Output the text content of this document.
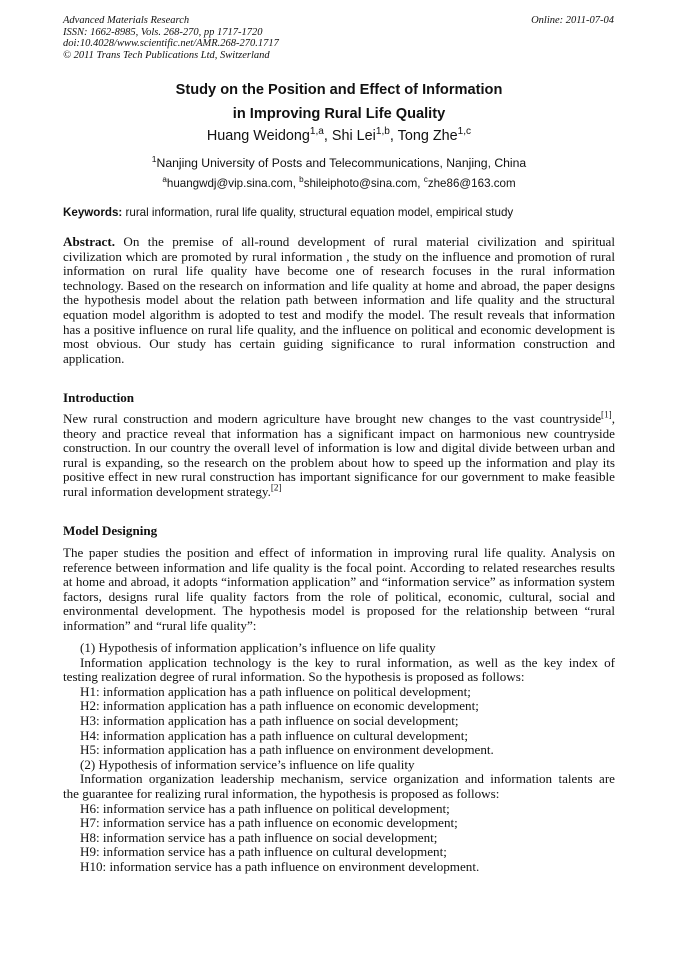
Advanced Materials Research
ISSN: 1662-8985, Vols. 268-270, pp 1717-1720
doi:10.4028/www.scientific.net/AMR.268-270.1717
© 2011 Trans Tech Publications Ltd, Switzerland
Online: 2011-07-04
Study on the Position and Effect of Information
in Improving Rural Life Quality
Huang Weidong$^{1,a}$, Shi Lei$^{1,b}$, Tong Zhe$^{1,c}$
$^1$Nanjing University of Posts and Telecommunications, Nanjing, China
$^a$huangwdj@vip.sina.com, $^b$shileiphoto@sina.com, $^c$zhe86@163.com
Keywords: rural information, rural life quality, structural equation model, empirical study
Abstract. On the premise of all-round development of rural material civilization and spiritual civilization which are promoted by rural information , the study on the influence and promotion of rural information on rural life quality have become one of research focuses in the rural information technology. Based on the research on information and life quality at home and abroad, the paper designs the hypothesis model about the relation path between information and life quality and the structural equation model algorithm is adopted to test and modify the model. The result reveals that information has a positive influence on rural life quality, and the influence on political and economic development is most obvious. Our study has certain guiding significance to rural information construction and application.
Introduction
New rural construction and modern agriculture have brought new changes to the vast countryside[1], theory and practice reveal that information has a significant impact on harmonious new countryside construction. In our country the overall level of information is low and digital divide between urban and rural is expanding, so the research on the problem about how to speed up the information and play its positive effect in new rural construction has important significance for our government to make feasible rural information development strategy.[2]
Model Designing
The paper studies the position and effect of information in improving rural life quality. Analysis on reference between information and life quality is the focal point. According to related researches results at home and abroad, it adopts “information application” and “information service” as information system factors, designs rural life quality factors from the role of political, economic, cultural, social and environmental development. The hypothesis model is proposed for the relationship between “rural information” and “rural life quality”:
(1) Hypothesis of information application’s influence on life quality
Information application technology is the key to rural information, as well as the key index of
testing realization degree of rural information. So the hypothesis is proposed as follows:
H1: information application has a path influence on political development;
H2: information application has a path influence on economic development;
H3: information application has a path influence on social development;
H4: information application has a path influence on cultural development;
H5: information application has a path influence on environment development.
(2) Hypothesis of information service’s influence on life quality
Information organization leadership mechanism, service organization and information talents are
the guarantee for realizing rural information, the hypothesis is proposed as follows:
H6: information service has a path influence on political development;
H7: information service has a path influence on economic development;
H8: information service has a path influence on social development;
H9: information service has a path influence on cultural development;
H10: information service has a path influence on environment development.
